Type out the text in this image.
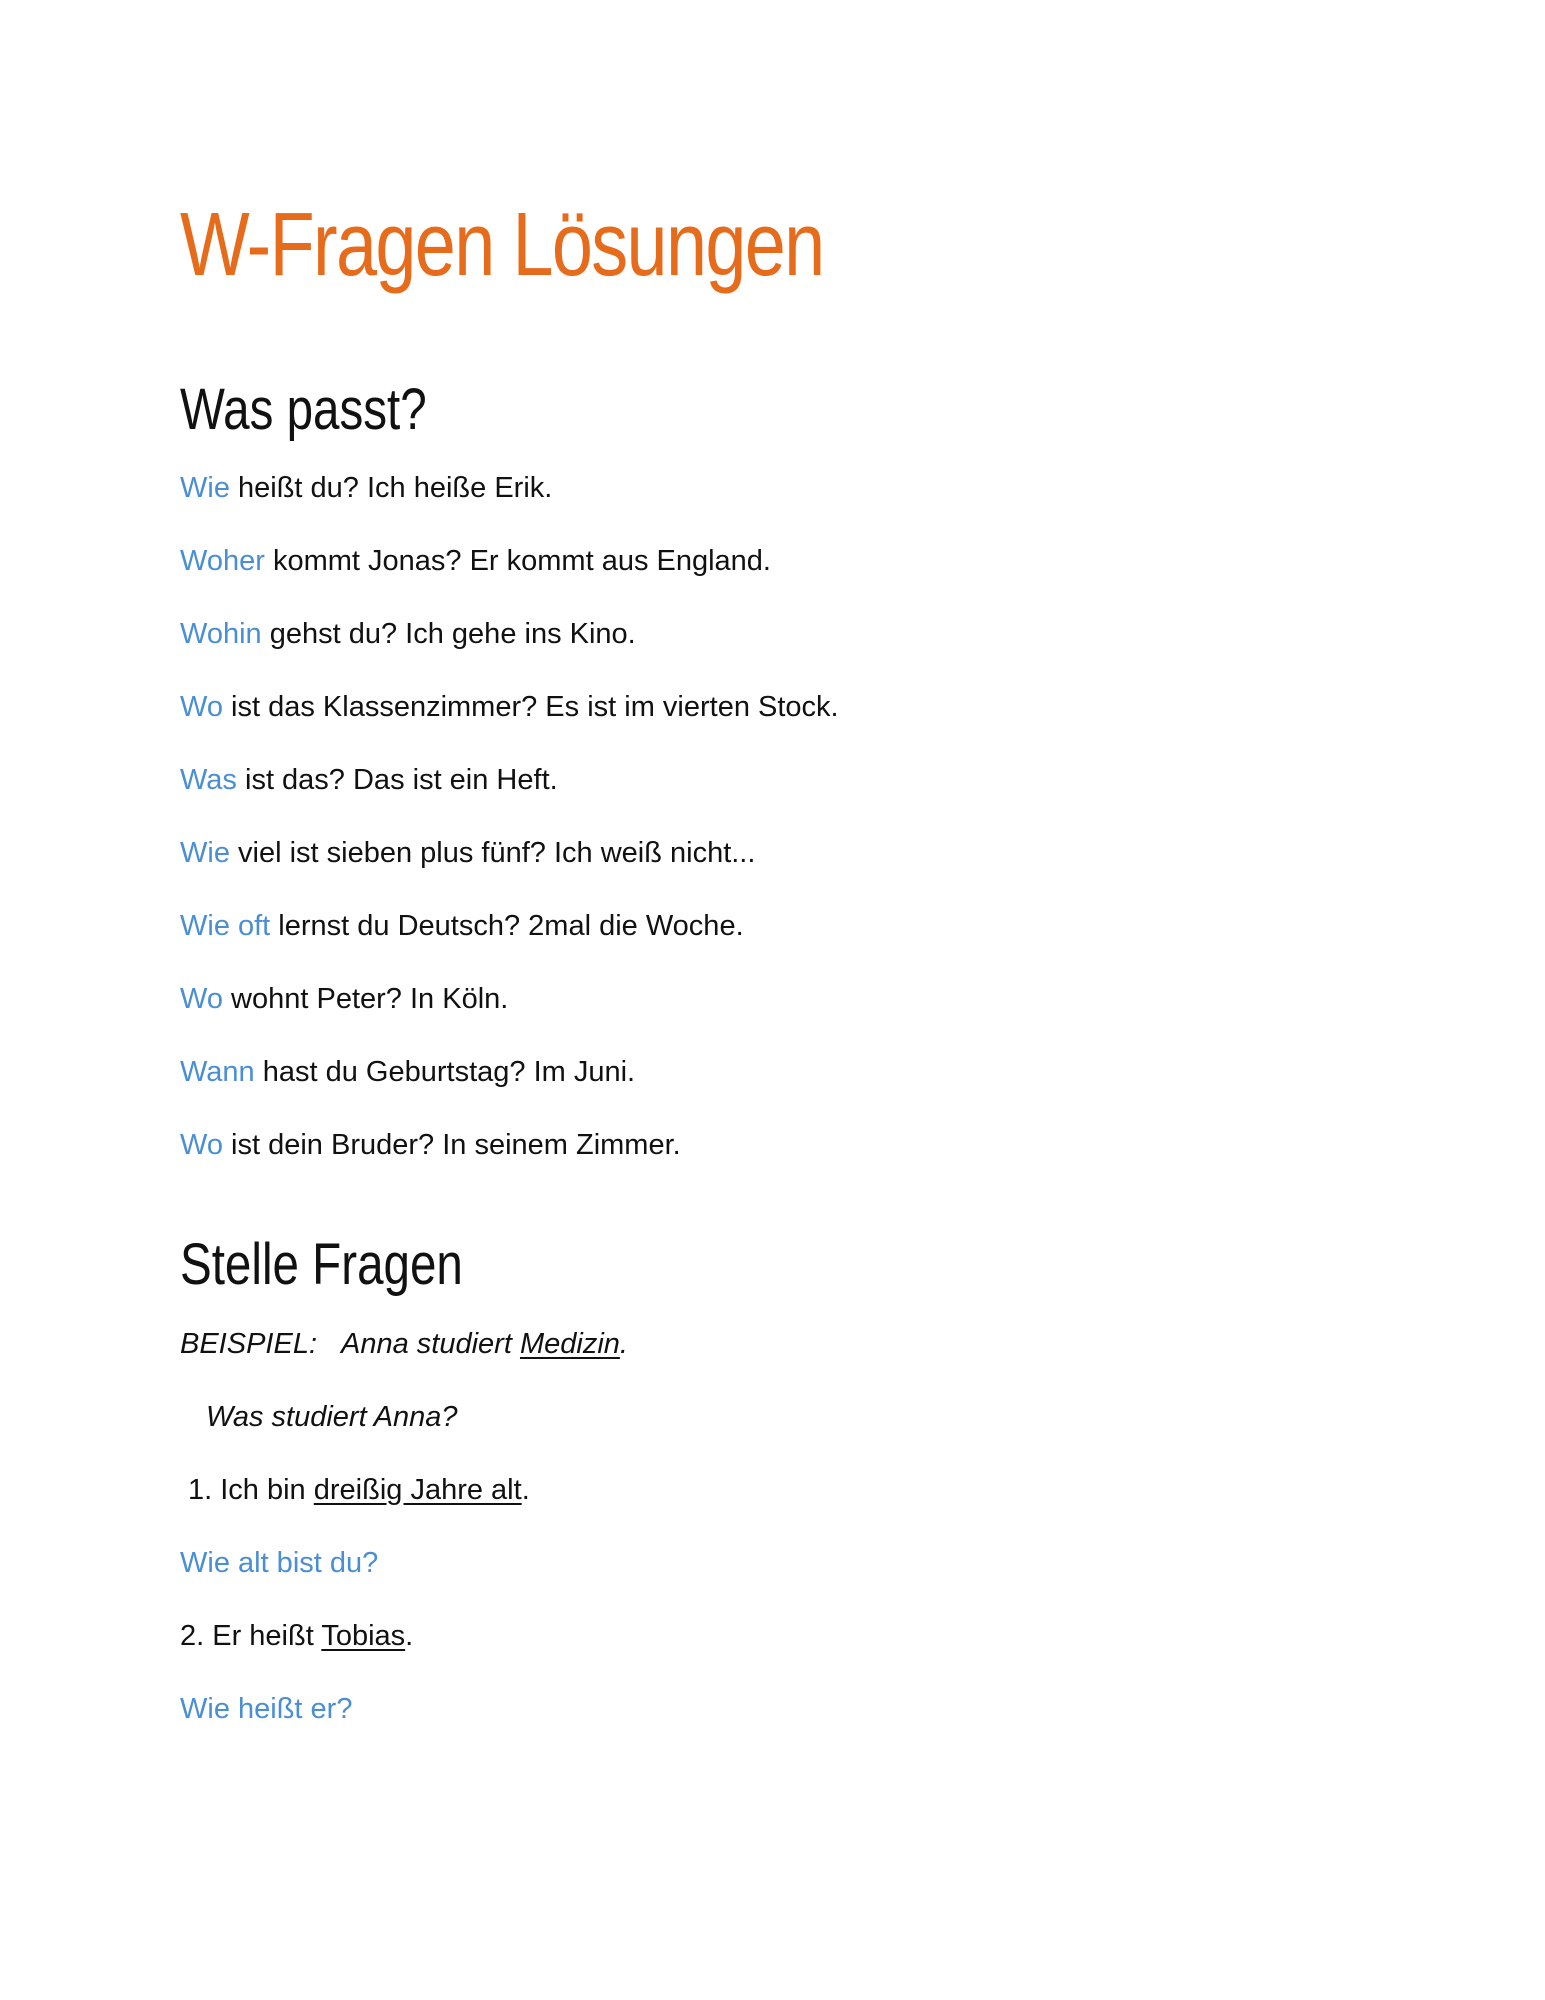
W-Fragen Lösungen
Was passt?
Wie heißt du? Ich heiße Erik.
Woher kommt Jonas? Er kommt aus England.
Wohin gehst du? Ich gehe ins Kino.
Wo ist das Klassenzimmer? Es ist im vierten Stock.
Was ist das? Das ist ein Heft.
Wie viel ist sieben plus fünf? Ich weiß nicht...
Wie oft lernst du Deutsch? 2mal die Woche.
Wo wohnt Peter? In Köln.
Wann hast du Geburtstag? Im Juni.
Wo ist dein Bruder? In seinem Zimmer.
Stelle Fragen
BEISPIEL: Anna studiert Medizin.
Was studiert Anna?
1. Ich bin dreißig Jahre alt.
Wie alt bist du?
2. Er heißt Tobias.
Wie heißt er?
